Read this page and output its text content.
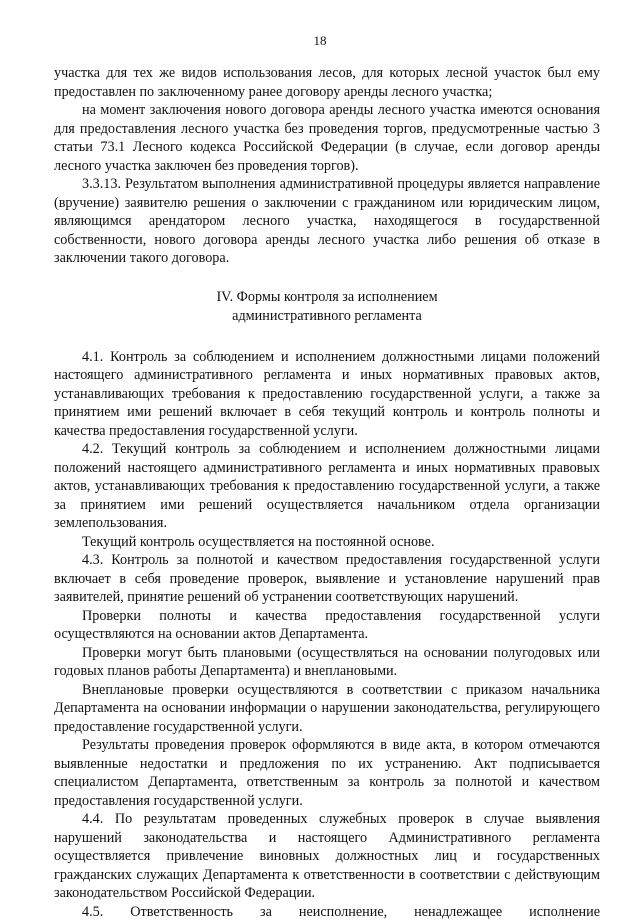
18

участка для тех же видов использования лесов, для которых лесной участок был ему предоставлен по заключенному ранее договору аренды лесного участка;

на момент заключения нового договора аренды лесного участка имеются основания для предоставления лесного участка без проведения торгов, предусмотренные частью 3 статьи 73.1 Лесного кодекса Российской Федерации (в случае, если договор аренды лесного участка заключен без проведения торгов).

3.3.13. Результатом выполнения административной процедуры является направление (вручение) заявителю решения о заключении с гражданином или юридическим лицом, являющимся арендатором лесного участка, находящегося в государственной собственности, нового договора аренды лесного участка либо решения об отказе в заключении такого договора.

IV. Формы контроля за исполнением
административного регламента

4.1. Контроль за соблюдением и исполнением должностными лицами положений настоящего административного регламента и иных нормативных правовых актов, устанавливающих требования к предоставлению государственной услуги, а также за принятием ими решений включает в себя текущий контроль и контроль полноты и качества предоставления государственной услуги.

4.2. Текущий контроль за соблюдением и исполнением должностными лицами положений настоящего административного регламента и иных нормативных правовых актов, устанавливающих требования к предоставлению государственной услуги, а также за принятием ими решений осуществляется начальником отдела организации землепользования.

Текущий контроль осуществляется на постоянной основе.

4.3. Контроль за полнотой и качеством предоставления государственной услуги включает в себя проведение проверок, выявление и установление нарушений прав заявителей, принятие решений об устранении соответствующих нарушений.

Проверки полноты и качества предоставления государственной услуги осуществляются на основании актов Департамента.

Проверки могут быть плановыми (осуществляться на основании полугодовых или годовых планов работы Департамента) и внеплановыми.

Внеплановые проверки осуществляются в соответствии с приказом начальника Департамента на основании информации о нарушении законодательства, регулирующего предоставление государственной услуги.

Результаты проведения проверок оформляются в виде акта, в котором отмечаются выявленные недостатки и предложения по их устранению. Акт подписывается специалистом Департамента, ответственным за контроль за полнотой и качеством предоставления государственной услуги.

4.4. По результатам проведенных служебных проверок в случае выявления нарушений законодательства и настоящего Административного регламента осуществляется привлечение виновных должностных лиц и государственных гражданских служащих Департамента к ответственности в соответствии с действующим законодательством Российской Федерации.

4.5. Ответственность за неисполнение, ненадлежащее исполнение
